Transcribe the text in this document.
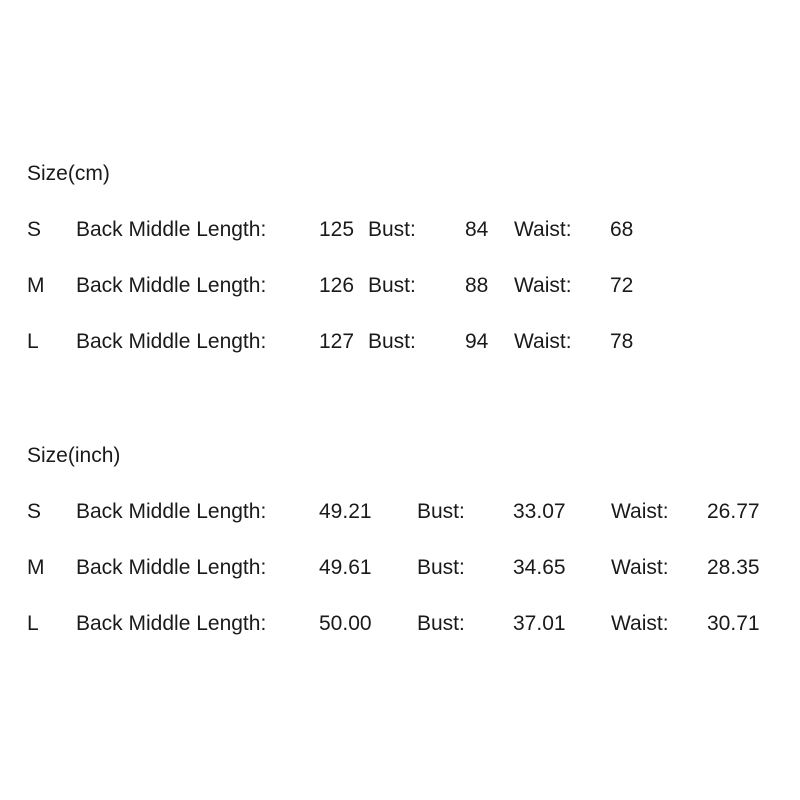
Size(cm)
S Back Middle Length:	125 Bust: 84 Waist: 68
M Back Middle Length:	126 Bust: 88 Waist: 72
L Back Middle Length:	127 Bust: 94 Waist: 78
Size(inch)
S Back Middle Length:	49.21 Bust: 33.07 Waist: 26.77
M Back Middle Length:	49.61 Bust: 34.65 Waist: 28.35
L Back Middle Length:	50.00 Bust: 37.01 Waist: 30.71
